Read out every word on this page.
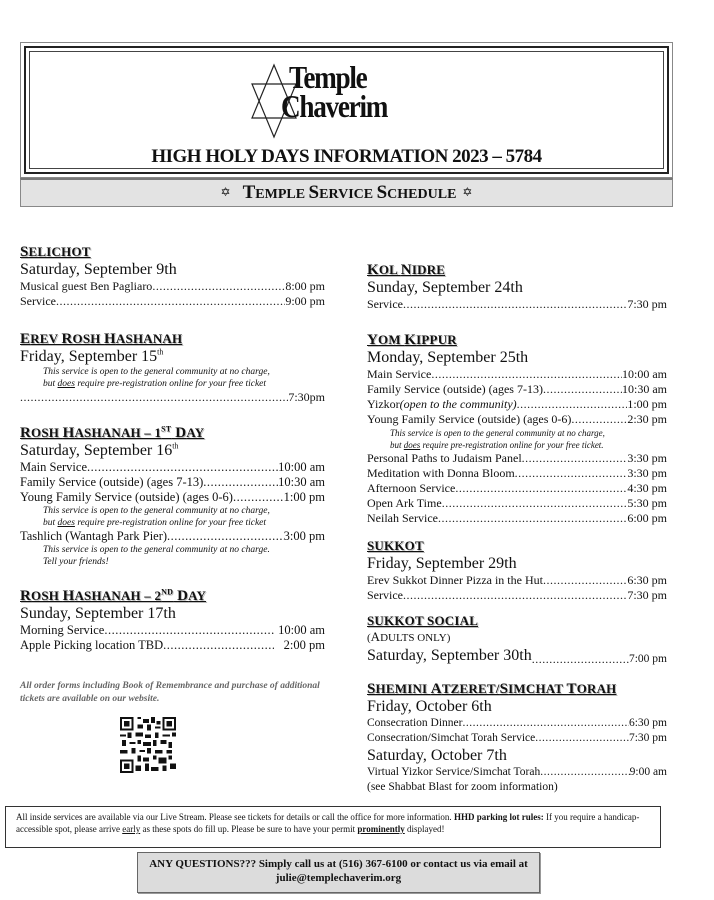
Temple
Chaverim
HIGH HOLY DAYS INFORMATION 2023 – 5784
✡ TEMPLE SERVICE SCHEDULE ✡
SELICHOT
Saturday, September 9th
Musical guest Ben Pagliaro .....	8:00 pm
Service .....	9:00 pm
EREV ROSH HASHANAH
Friday, September 15th
This service is open to the general community at no charge,
but does require pre-registration online for your free ticket
.....
7:30pm
ROSH HASHANAH – 1ST DAY
Saturday, September 16th
Main Service .....	10:00 am
Family Service (outside) (ages 7-13) .....	10:30 am
Young Family Service (outside) (ages 0-6) .....	1:00 pm
This service is open to the general community at no charge,
but does require pre-registration online for your free ticket
Tashlich (Wantagh Park Pier) .....	3:00 pm
This service is open to the general community at no charge.
Tell your friends!
ROSH HASHANAH – 2ND DAY
Sunday, September 17th
Morning Service .....	10:00 am
Apple Picking location TBD .....	2:00 pm
All order forms including Book of Remembrance and purchase of additional tickets are available on our website.
KOL NIDRE
Sunday, September 24th
Service .....	7:30 pm
YOM KIPPUR
Monday, September 25th
Main Service .....	10:00 am
Family Service (outside) (ages 7-13) .....	10:30 am
Yizkor (open to the community) .....	1:00 pm
Young Family Service (outside) (ages 0-6) .....	2:30 pm
This service is open to the general community at no charge,
but does require pre-registration online for your free ticket.
Personal Paths to Judaism Panel .....	3:30 pm
Meditation with Donna Bloom .....	3:30 pm
Afternoon Service .....	4:30 pm
Open Ark Time .....	5:30 pm
Neilah Service .....	6:00 pm
SUKKOT
Friday, September 29th
Erev Sukkot Dinner Pizza in the Hut .....	6:30 pm
Service .....	7:30 pm
SUKKOT SOCIAL
(ADULTS ONLY)
Saturday, September 30th .....	7:00 pm
SHEMINI ATZERET/SIMCHAT TORAH
Friday, October 6th
Consecration Dinner .....	6:30 pm
Consecration/Simchat Torah Service .....	7:30 pm
Saturday, October 7th
Virtual Yizkor Service/Simchat Torah .....	9:00 am
(see Shabbat Blast for zoom information)
All inside services are available via our Live Stream. Please see tickets for details or call the office for more information. HHD parking lot rules: If you require a handicap-accessible spot, please arrive early as these spots do fill up. Please be sure to have your permit prominently displayed!
ANY QUESTIONS??? Simply call us at (516) 367-6100 or contact us via email at
julie@templechaverim.org
